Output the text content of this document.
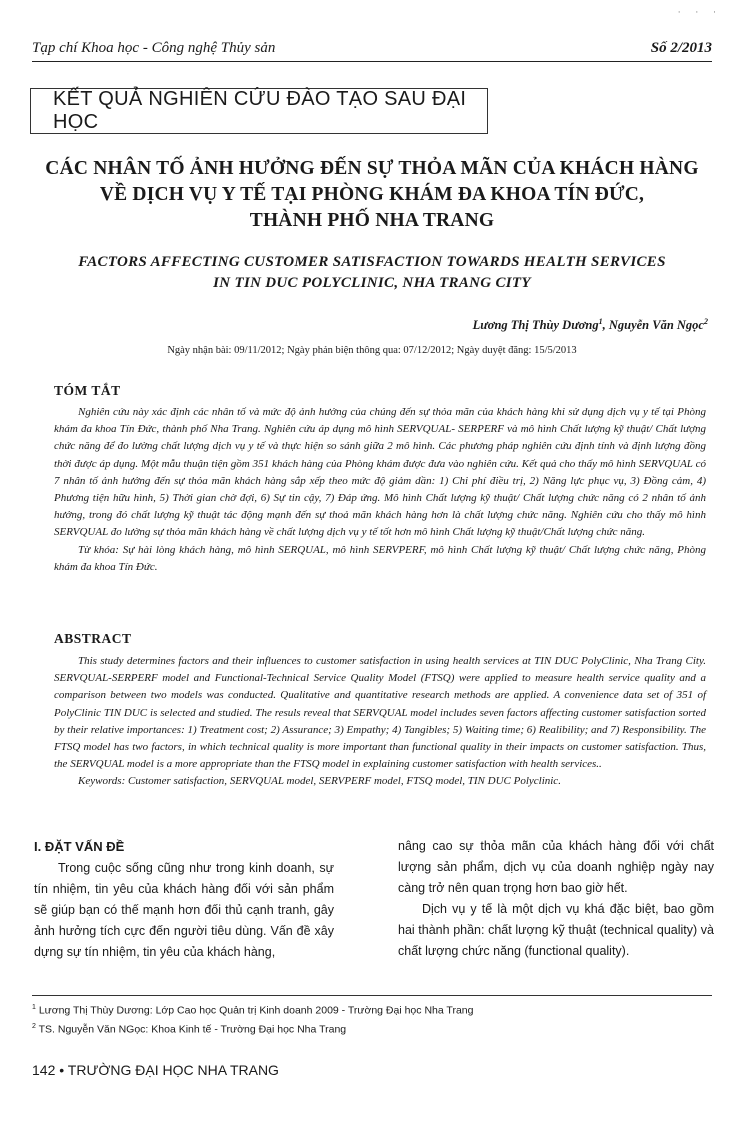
· · ·
Tạp chí Khoa học - Công nghệ Thủy sản	Số 2/2013
KẾT QUẢ NGHIÊN CỨU ĐÀO TẠO SAU ĐẠI HỌC
CÁC NHÂN TỐ ẢNH HƯỞNG ĐẾN SỰ THỎA MÃN CỦA KHÁCH HÀNG
VỀ DỊCH VỤ Y TẾ TẠI PHÒNG KHÁM ĐA KHOA TÍN ĐỨC,
THÀNH PHỐ NHA TRANG
FACTORS AFFECTING CUSTOMER SATISFACTION TOWARDS HEALTH SERVICES
IN TIN DUC POLYCLINIC, NHA TRANG CITY
Lương Thị Thùy Dương$^1$, Nguyễn Văn Ngọc$^2$
Ngày nhận bài: 09/11/2012; Ngày phản biện thông qua: 07/12/2012; Ngày duyệt đăng: 15/5/2013
TÓM TẮT

Nghiên cứu này xác định các nhân tố và mức độ ảnh hưởng của chúng đến sự thỏa mãn của khách hàng khi sử dụng dịch vụ y tế tại Phòng khám đa khoa Tín Đức, thành phố Nha Trang. Nghiên cứu áp dụng mô hình SERVQUAL- SERPERF và mô hình Chất lượng kỹ thuật/ Chất lượng chức năng để đo lường chất lượng dịch vụ y tế và thực hiện so sánh giữa 2 mô hình. Các phương pháp nghiên cứu định tính và định lượng đồng thời được áp dụng. Một mẫu thuận tiện gồm 351 khách hàng của Phòng khám được đưa vào nghiên cứu. Kết quả cho thấy mô hình SERVQUAL có 7 nhân tố ảnh hưởng đến sự thỏa mãn khách hàng sắp xếp theo mức độ giảm dần: 1) Chi phí điều trị, 2) Năng lực phục vụ, 3) Đồng cảm, 4) Phương tiện hữu hình, 5) Thời gian chờ đợi, 6) Sự tin cậy, 7) Đáp ứng. Mô hình Chất lượng kỹ thuật/ Chất lượng chức năng có 2 nhân tố ảnh hưởng, trong đó chất lượng kỹ thuật tác động mạnh đến sự thoả mãn khách hàng hơn là chất lượng chức năng. Nghiên cứu cho thấy mô hình SERVQUAL đo lường sự thỏa mãn khách hàng về chất lượng dịch vụ y tế tốt hơn mô hình Chất lượng kỹ thuật/Chất lượng chức năng.

Từ khóa: Sự hài lòng khách hàng, mô hình SERQUAL, mô hình SERVPERF, mô hình Chất lượng kỹ thuật/ Chất lượng chức năng, Phòng khám đa khoa Tín Đức.

ABSTRACT

This study determines factors and their influences to customer satisfaction in using health services at TIN DUC PolyClinic, Nha Trang City. SERVQUAL-SERPERF model and Functional-Technical Service Quality Model (FTSQ) were applied to measure health service quality and a comparison between two models was conducted. Qualitative and quantitative research methods are applied. A convenience data set of 351 of PolyClinic TIN DUC is selected and studied. The resuls reveal that SERVQUAL model includes seven factors affecting customer satisfaction sorted by their relative importances: 1) Treatment cost; 2) Assurance; 3) Empathy; 4) Tangibles; 5) Waiting time; 6) Realibility; and 7) Responsibility. The FTSQ model has two factors, in which technical quality is more important than functional quality in their impacts on customer satisfaction. Thus, the SERVQUAL model is a more appropriate than the FTSQ model in explaining customer satisfaction with health services..

Keywords: Customer satisfaction, SERVQUAL model, SERVPERF model, FTSQ model, TIN DUC Polyclinic.

I. ĐẶT VẤN ĐỀ

Trong cuộc sống cũng như trong kinh doanh, sự tín nhiệm, tin yêu của khách hàng đối với sản phẩm sẽ giúp bạn có thế mạnh hơn đối thủ cạnh tranh, gây ảnh hưởng tích cực đến người tiêu dùng. Vấn đề xây dựng sự tín nhiệm, tin yêu của khách hàng,

nâng cao sự thỏa mãn của khách hàng đối với chất lượng sản phẩm, dịch vụ của doanh nghiệp ngày nay càng trở nên quan trọng hơn bao giờ hết.

Dịch vụ y tế là một dịch vụ khá đặc biệt, bao gồm hai thành phần: chất lượng kỹ thuật (technical quality) và chất lượng chức năng (functional quality).

$^1$ Lương Thị Thùy Dương: Lớp Cao học Quản trị Kinh doanh 2009 - Trường Đại học Nha Trang
$^2$ TS. Nguyễn Văn NGọc: Khoa Kinh tế - Trường Đại học Nha Trang
142 • TRƯỜNG ĐẠI HỌC NHA TRANG
